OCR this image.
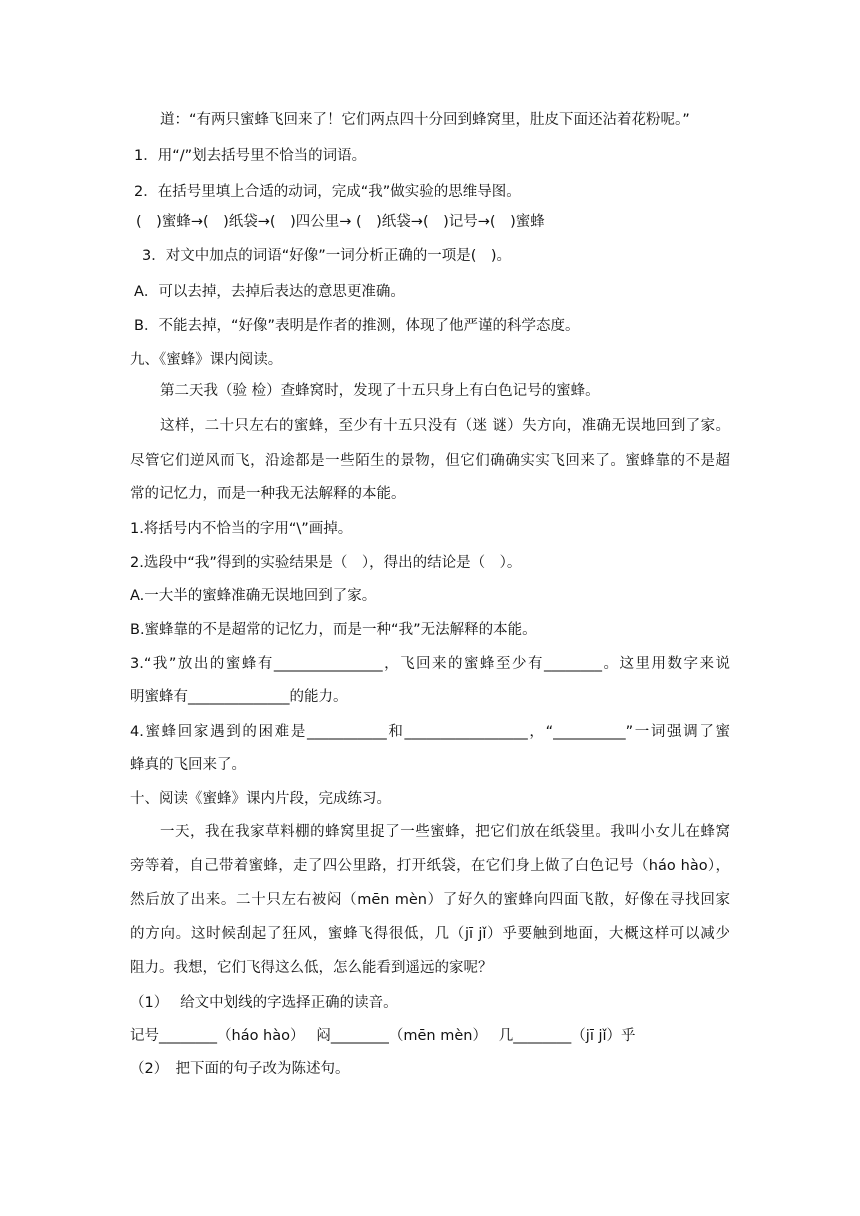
道：“有两只蜜蜂飞回来了！它们两点四十分回到蜂窝里，肚皮下面还沾着花粉呢。”
1．用“/”划去括号里不恰当的词语。
2．在括号里填上合适的动词，完成“我”做实验的思维导图。
(　)蜜蜂→(　)纸袋→(　)四公里→ (　)纸袋→(　)记号→(　)蜜蜂
3．对文中加点的词语“好像”一词分析正确的一项是(　)。
A．可以去掉，去掉后表达的意思更准确。
B．不能去掉，“好像”表明是作者的推测，体现了他严谨的科学态度。
九、《蜜蜂》课内阅读。
第二天我（验 检）查蜂窝时，发现了十五只身上有白色记号的蜜蜂。
这样，二十只左右的蜜蜂，至少有十五只没有（迷 谜）失方向，准确无误地回到了家。
尽管它们逆风而飞，沿途都是一些陌生的景物，但它们确确实实飞回来了。蜜蜂靠的不是超
常的记忆力，而是一种我无法解释的本能。
1.将括号内不恰当的字用“\”画掉。
2.选段中“我”得到的实验结果是（　），得出的结论是（　）。
A.一大半的蜜蜂准确无误地回到了家。
B.蜜蜂靠的不是超常的记忆力，而是一种“我”无法解释的本能。
3.“我”放出的蜜蜂有_______________，飞回来的蜜蜂至少有________。这里用数字来说
明蜜蜂有______________的能力。
4.蜜蜂回家遇到的困难是___________和_________________，“__________”一词强调了蜜
蜂真的飞回来了。
十、阅读《蜜蜂》课内片段，完成练习。
一天，我在我家草料棚的蜂窝里捉了一些蜜蜂，把它们放在纸袋里。我叫小女儿在蜂窝
旁等着，自己带着蜜蜂，走了四公里路，打开纸袋，在它们身上做了白色记号（háo hào），
然后放了出来。二十只左右被闷（mēn mèn）了好久的蜜蜂向四面飞散，好像在寻找回家
的方向。这时候刮起了狂风，蜜蜂飞得很低，几（jī jǐ）乎要触到地面，大概这样可以减少
阻力。我想，它们飞得这么低，怎么能看到遥远的家呢？
（1）　 给文中划线的字选择正确的读音。
记号________（háo hào）　 闷________（mēn mèn）　 几________（jī jǐ）乎
（2）　把下面的句子改为陈述句。
